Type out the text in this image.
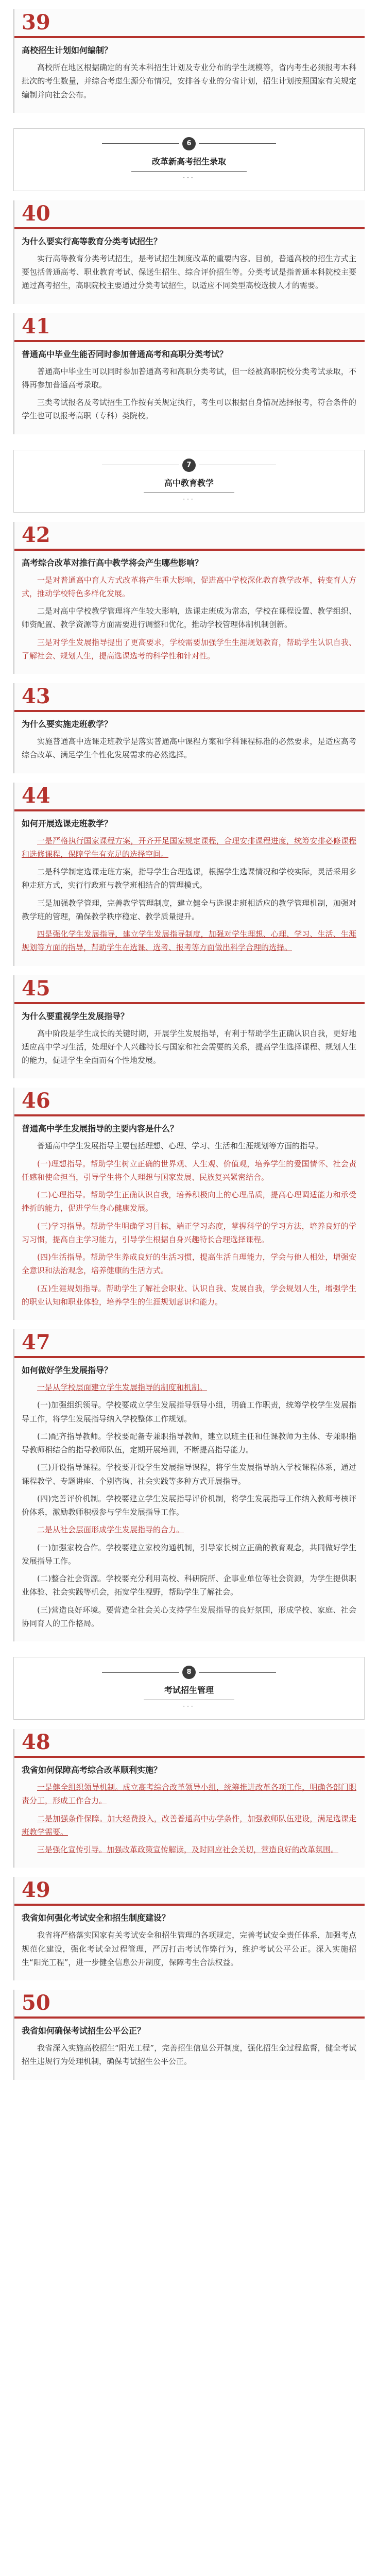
39
高校招生计划如何编制？

高校所在地区根据确定的有关本科招生计划及专业分布的学生规模等，省内考生必须报考本科批次的考生数量，并综合考虑生源分布情况，安排各专业的分省计划，招生计划按照国家有关规定编制并向社会公布。

6
改革新高考招生录取
···
40
为什么要实行高等教育分类考试招生？

实行高等教育分类考试招生，是考试招生制度改革的重要内容。目前，普通高校的招生方式主要包括普通高考、职业教育考试、保送生招生、综合评价招生等。分类考试是指普通本科院校主要通过高考招生，高职院校主要通过分类考试招生，以适应不同类型高校选拔人才的需要。

41
普通高中毕业生能否同时参加普通高考和高职分类考试？

普通高中毕业生可以同时参加普通高考和高职分类考试，但一经被高职院校分类考试录取，不得再参加普通高考录取。

三类考试报名及考试招生工作按有关规定执行，考生可以根据自身情况选择报考，符合条件的学生也可以报考高职（专科）类院校。

7
高中教育教学
···
42
高考综合改革对推行高中教学将会产生哪些影响？

一是对普通高中育人方式改革将产生重大影响，促进高中学校深化教育教学改革，转变育人方式，推动学校特色多样化发展。

二是对高中学校教学管理将产生较大影响，选课走班成为常态，学校在课程设置、教学组织、师资配置、教学资源等方面需要进行调整和优化，推动学校管理体制机制创新。

三是对学生发展指导提出了更高要求，学校需要加强学生生涯规划教育，帮助学生认识自我、了解社会、规划人生，提高选课选考的科学性和针对性。

43
为什么要实施走班教学？

实施普通高中选课走班教学是落实普通高中课程方案和学科课程标准的必然要求，是适应高考综合改革、满足学生个性化发展需求的必然选择。

44
如何开展选课走班教学？

一是严格执行国家课程方案，开齐开足国家规定课程，合理安排课程进度，统筹安排必修课程和选修课程，保障学生有充足的选择空间。

二是科学制定选课走班方案，指导学生合理选课，根据学生选课情况和学校实际，灵活采用多种走班方式，实行行政班与教学班相结合的管理模式。

三是加强教学管理，完善教学管理制度，建立健全与选课走班相适应的教学管理机制，加强对教学班的管理，确保教学秩序稳定、教学质量提升。

四是强化学生发展指导，建立学生发展指导制度，加强对学生理想、心理、学习、生活、生涯规划等方面的指导，帮助学生在选课、选考、报考等方面做出科学合理的选择。

45
为什么要重视学生发展指导？

高中阶段是学生成长的关键时期，开展学生发展指导，有利于帮助学生正确认识自我，更好地适应高中学习生活，处理好个人兴趣特长与国家和社会需要的关系，提高学生选择课程、规划人生的能力，促进学生全面而有个性地发展。

46
普通高中学生发展指导的主要内容是什么？

普通高中学生发展指导主要包括理想、心理、学习、生活和生涯规划等方面的指导。

(一)理想指导。帮助学生树立正确的世界观、人生观、价值观，培养学生的爱国情怀、社会责任感和使命担当，引导学生将个人理想与国家发展、民族复兴紧密结合。

(二)心理指导。帮助学生正确认识自我，培养积极向上的心理品质，提高心理调适能力和承受挫折的能力，促进学生身心健康发展。

(三)学习指导。帮助学生明确学习目标，端正学习态度，掌握科学的学习方法，培养良好的学习习惯，提高自主学习能力，引导学生根据自身兴趣特长合理选择课程。

(四)生活指导。帮助学生养成良好的生活习惯，提高生活自理能力，学会与他人相处，增强安全意识和法治观念，培养健康的生活方式。

(五)生涯规划指导。帮助学生了解社会职业、认识自我、发展自我，学会规划人生，增强学生的职业认知和职业体验，培养学生的生涯规划意识和能力。

47
如何做好学生发展指导？

一是从学校层面建立学生发展指导的制度和机制。

(一)加强组织领导。学校要成立学生发展指导领导小组，明确工作职责，统筹学校学生发展指导工作，将学生发展指导纳入学校整体工作规划。

(二)配齐指导教师。学校要配备专兼职指导教师，建立以班主任和任课教师为主体、专兼职指导教师相结合的指导教师队伍，定期开展培训，不断提高指导能力。

(三)开设指导课程。学校要开设学生发展指导课程，将学生发展指导纳入学校课程体系，通过课程教学、专题讲座、个别咨询、社会实践等多种方式开展指导。

(四)完善评价机制。学校要建立学生发展指导评价机制，将学生发展指导工作纳入教师考核评价体系，激励教师积极参与学生发展指导工作。

二是从社会层面形成学生发展指导的合力。

(一)加强家校合作。学校要建立家校沟通机制，引导家长树立正确的教育观念，共同做好学生发展指导工作。

(二)整合社会资源。学校要充分利用高校、科研院所、企事业单位等社会资源，为学生提供职业体验、社会实践等机会，拓宽学生视野，帮助学生了解社会。

(三)营造良好环境。要营造全社会关心支持学生发展指导的良好氛围，形成学校、家庭、社会协同育人的工作格局。

8
考试招生管理
···
48
我省如何保障高考综合改革顺利实施？

一是健全组织领导机制。成立高考综合改革领导小组，统筹推进改革各项工作，明确各部门职责分工，形成工作合力。

二是加强条件保障。加大经费投入，改善普通高中办学条件，加强教师队伍建设，满足选课走班教学需要。

三是强化宣传引导。加强改革政策宣传解读，及时回应社会关切，营造良好的改革氛围。

49
我省如何强化考试安全和招生制度建设？

我省将严格落实国家有关考试安全和招生管理的各项规定，完善考试安全责任体系，加强考点规范化建设，强化考试全过程管理，严厉打击考试作弊行为，维护考试公平公正。深入实施招生“阳光工程”，进一步健全信息公开制度，保障考生合法权益。

50
我省如何确保考试招生公平公正？

我省深入实施高校招生“阳光工程”，完善招生信息公开制度，强化招生全过程监督，健全考试招生违规行为处理机制，确保考试招生公平公正。
